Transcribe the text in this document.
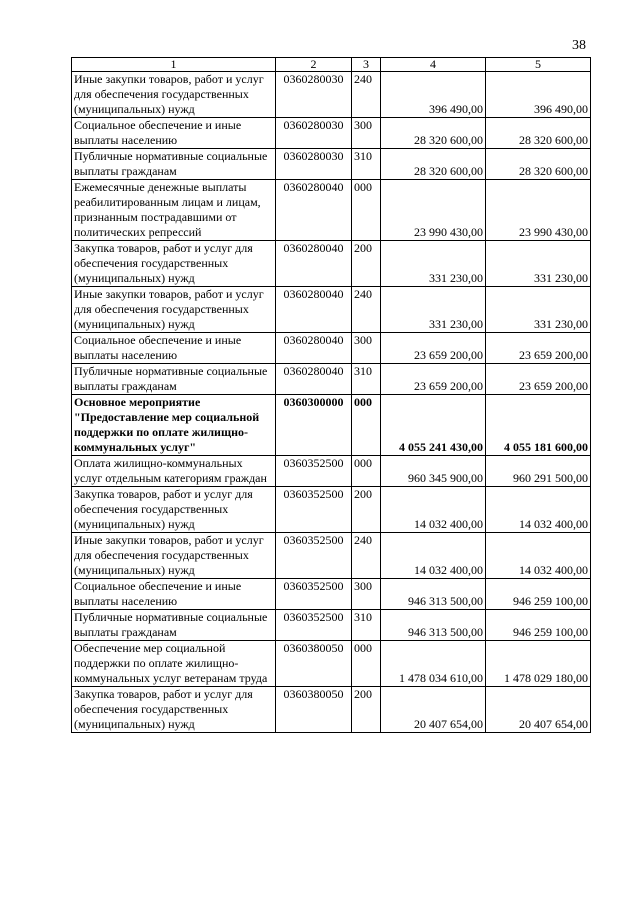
38
1	2	3	4	5
Иные закупки товаров, работ и услуг для обеспечения государственных (муниципальных) нужд	0360280030	240	396 490,00	396 490,00
Социальное обеспечение и иные выплаты населению	0360280030	300	28 320 600,00	28 320 600,00
Публичные нормативные социальные выплаты гражданам	0360280030	310	28 320 600,00	28 320 600,00
Ежемесячные денежные выплаты реабилитированным лицам и лицам, признанным пострадавшими от политических репрессий	0360280040	000	23 990 430,00	23 990 430,00
Закупка товаров, работ и услуг для обеспечения государственных (муниципальных) нужд	0360280040	200	331 230,00	331 230,00
Иные закупки товаров, работ и услуг для обеспечения государственных (муниципальных) нужд	0360280040	240	331 230,00	331 230,00
Социальное обеспечение и иные выплаты населению	0360280040	300	23 659 200,00	23 659 200,00
Публичные нормативные социальные выплаты гражданам	0360280040	310	23 659 200,00	23 659 200,00
Основное мероприятие "Предоставление мер социальной поддержки по оплате жилищно-коммунальных услуг"	0360300000	000	4 055 241 430,00	4 055 181 600,00
Оплата жилищно-коммунальных услуг отдельным категориям граждан	0360352500	000	960 345 900,00	960 291 500,00
Закупка товаров, работ и услуг для обеспечения государственных (муниципальных) нужд	0360352500	200	14 032 400,00	14 032 400,00
Иные закупки товаров, работ и услуг для обеспечения государственных (муниципальных) нужд	0360352500	240	14 032 400,00	14 032 400,00
Социальное обеспечение и иные выплаты населению	0360352500	300	946 313 500,00	946 259 100,00
Публичные нормативные социальные выплаты гражданам	0360352500	310	946 313 500,00	946 259 100,00
Обеспечение мер социальной поддержки по оплате жилищно-коммунальных услуг ветеранам труда	0360380050	000	1 478 034 610,00	1 478 029 180,00
Закупка товаров, работ и услуг для обеспечения государственных (муниципальных) нужд	0360380050	200	20 407 654,00	20 407 654,00
